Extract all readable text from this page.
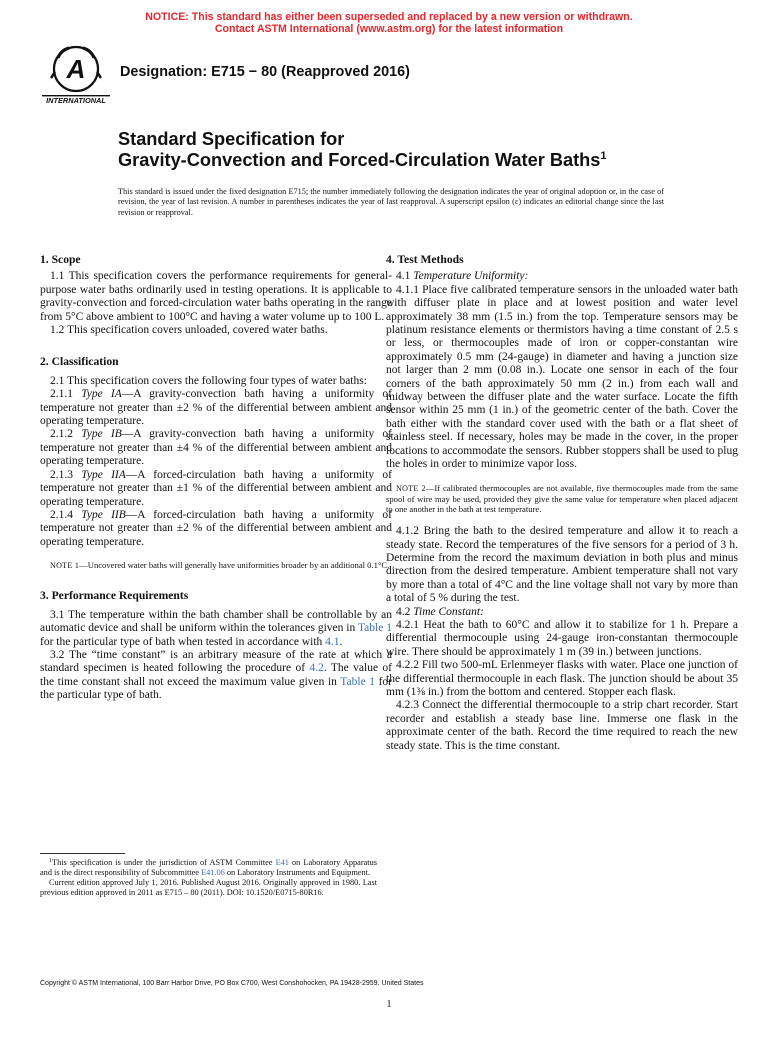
NOTICE: This standard has either been superseded and replaced by a new version or withdrawn.
Contact ASTM International (www.astm.org) for the latest information
A
INTERNATIONAL
Designation: E715 − 80 (Reapproved 2016)
Standard Specification for
Gravity-Convection and Forced-Circulation Water Baths$^1$
This standard is issued under the fixed designation E715; the number immediately following the designation indicates the year of original adoption or, in the case of revision, the year of last revision. A number in parentheses indicates the year of last reapproval. A superscript epsilon (ε) indicates an editorial change since the last revision or reapproval.
1. Scope

1.1 This specification covers the performance requirements for general-purpose water baths ordinarily used in testing operations. It is applicable to gravity-convection and forced-circulation water baths operating in the range from 5°C above ambient to 100°C and having a water volume up to 100 L.

1.2 This specification covers unloaded, covered water baths.

2. Classification

2.1 This specification covers the following four types of water baths:

2.1.1 Type IA—A gravity-convection bath having a uniformity of temperature not greater than ±2 % of the differential between ambient and operating temperature.

2.1.2 Type IB—A gravity-convection bath having a uniformity of temperature not greater than ±4 % of the differential between ambient and operating temperature.

2.1.3 Type IIA—A forced-circulation bath having a uniformity of temperature not greater than ±1 % of the differential between ambient and operating temperature.

2.1.4 Type IIB—A forced-circulation bath having a uniformity of temperature not greater than ±2 % of the differential between ambient and operating temperature.

NOTE 1—Uncovered water baths will generally have uniformities broader by an additional 0.1°C.

3. Performance Requirements

3.1 The temperature within the bath chamber shall be controllable by an automatic device and shall be uniform within the tolerances given in Table 1 for the particular type of bath when tested in accordance with 4.1.

3.2 The “time constant” is an arbitrary measure of the rate at which a standard specimen is heated following the procedure of 4.2. The value of the time constant shall not exceed the maximum value given in Table 1 for the particular type of bath.

4. Test Methods

4.1 Temperature Uniformity:

4.1.1 Place five calibrated temperature sensors in the unloaded water bath with diffuser plate in place and at lowest position and water level approximately 38 mm (1.5 in.) from the top. Temperature sensors may be platinum resistance elements or thermistors having a time constant of 2.5 s or less, or thermocouples made of iron or copper-constantan wire approximately 0.5 mm (24-gauge) in diameter and having a junction size not larger than 2 mm (0.08 in.). Locate one sensor in each of the four corners of the bath approximately 50 mm (2 in.) from each wall and midway between the diffuser plate and the water surface. Locate the fifth sensor within 25 mm (1 in.) of the geometric center of the bath. Cover the bath either with the standard cover used with the bath or a flat sheet of stainless steel. If necessary, holes may be made in the cover, in the proper locations to accommodate the sensors. Rubber stoppers shall be used to plug the holes in order to minimize vapor loss.

NOTE 2—If calibrated thermocouples are not available, five thermocouples made from the same spool of wire may be used, provided they give the same value for temperature when placed adjacent to one another in the bath at test temperature.

4.1.2 Bring the bath to the desired temperature and allow it to reach a steady state. Record the temperatures of the five sensors for a period of 3 h. Determine from the record the maximum deviation in both plus and minus direction from the desired temperature. Ambient temperature shall not vary by more than a total of 4°C and the line voltage shall not vary by more than a total of 5 % during the test.

4.2 Time Constant:

4.2.1 Heat the bath to 60°C and allow it to stabilize for 1 h. Prepare a differential thermocouple using 24-gauge iron-constantan thermocouple wire. There should be approximately 1 m (39 in.) between junctions.

4.2.2 Fill two 500-mL Erlenmeyer flasks with water. Place one junction of the differential thermocouple in each flask. The junction should be about 35 mm (1⅜ in.) from the bottom and centered. Stopper each flask.

4.2.3 Connect the differential thermocouple to a strip chart recorder. Start recorder and establish a steady base line. Immerse one flask in the approximate center of the bath. Record the time required to reach the new steady state. This is the time constant.

$^1$This specification is under the jurisdiction of ASTM Committee E41 on Laboratory Apparatus and is the direct responsibility of Subcommittee E41.06 on Laboratory Instruments and Equipment.

Current edition approved July 1, 2016. Published August 2016. Originally approved in 1980. Last previous edition approved in 2011 as E715 – 80 (2011). DOI: 10.1520/E0715-80R16.

Copyright © ASTM International, 100 Barr Harbor Drive, PO Box C700, West Conshohocken, PA 19428-2959. United States
1
